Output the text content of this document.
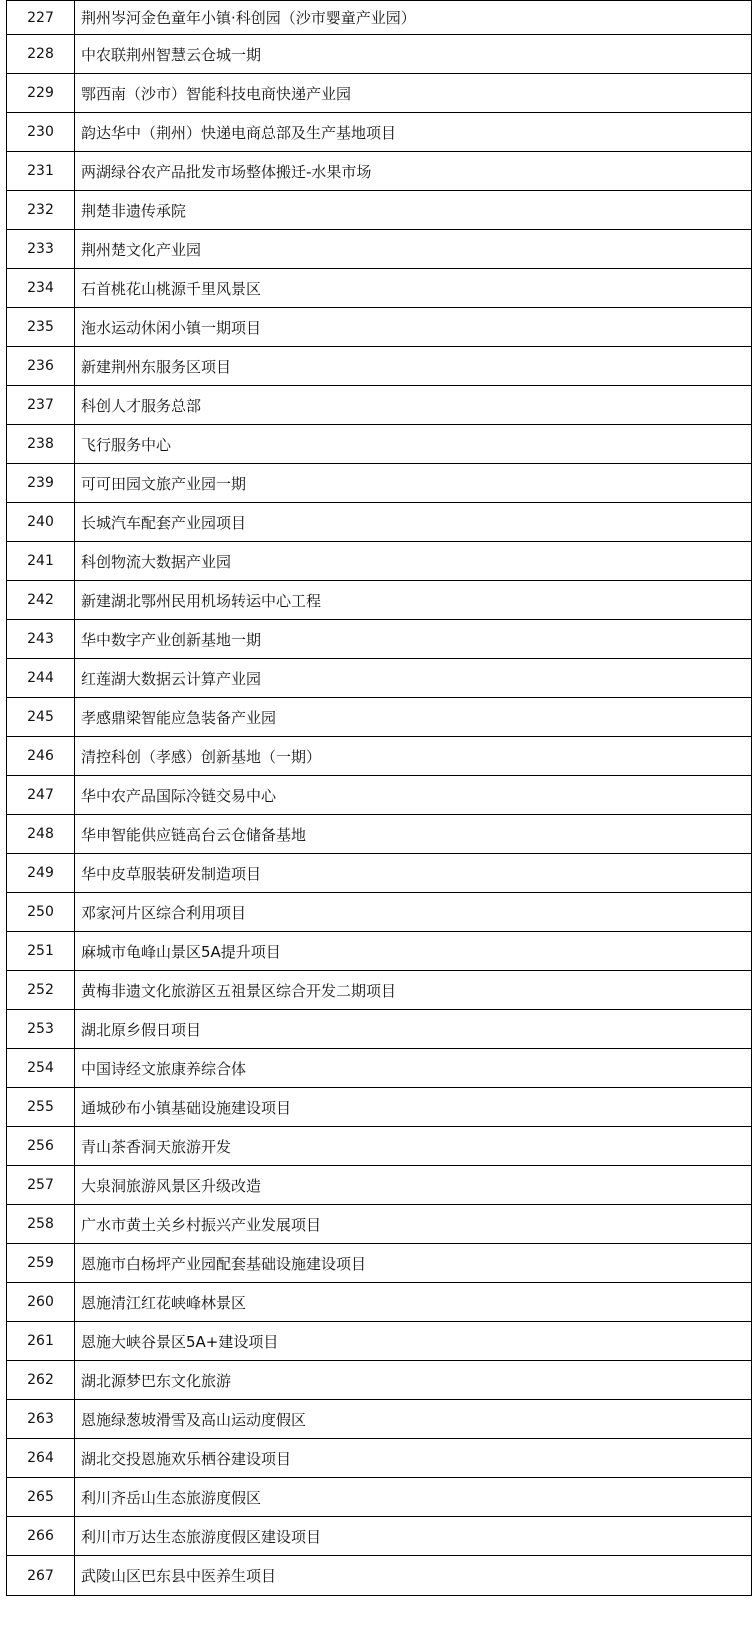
227	荆州岑河金色童年小镇·科创园（沙市婴童产业园）
228	中农联荆州智慧云仓城一期
229	鄂西南（沙市）智能科技电商快递产业园
230	韵达华中（荆州）快递电商总部及生产基地项目
231	两湖绿谷农产品批发市场整体搬迁-水果市场
232	荆楚非遗传承院
233	荆州楚文化产业园
234	石首桃花山桃源千里风景区
235	沲水运动休闲小镇一期项目
236	新建荆州东服务区项目
237	科创人才服务总部
238	飞行服务中心
239	可可田园文旅产业园一期
240	长城汽车配套产业园项目
241	科创物流大数据产业园
242	新建湖北鄂州民用机场转运中心工程
243	华中数字产业创新基地一期
244	红莲湖大数据云计算产业园
245	孝感鼎梁智能应急装备产业园
246	清控科创（孝感）创新基地（一期）
247	华中农产品国际冷链交易中心
248	华申智能供应链高台云仓储备基地
249	华中皮草服装研发制造项目
250	邓家河片区综合利用项目
251	麻城市龟峰山景区5A提升项目
252	黄梅非遗文化旅游区五祖景区综合开发二期项目
253	湖北原乡假日项目
254	中国诗经文旅康养综合体
255	通城砂布小镇基础设施建设项目
256	青山茶香洞天旅游开发
257	大泉洞旅游风景区升级改造
258	广水市黄土关乡村振兴产业发展项目
259	恩施市白杨坪产业园配套基础设施建设项目
260	恩施清江红花峡峰林景区
261	恩施大峡谷景区5A+建设项目
262	湖北源梦巴东文化旅游
263	恩施绿葱坡滑雪及高山运动度假区
264	湖北交投恩施欢乐栖谷建设项目
265	利川齐岳山生态旅游度假区
266	利川市万达生态旅游度假区建设项目
267	武陵山区巴东县中医养生项目
